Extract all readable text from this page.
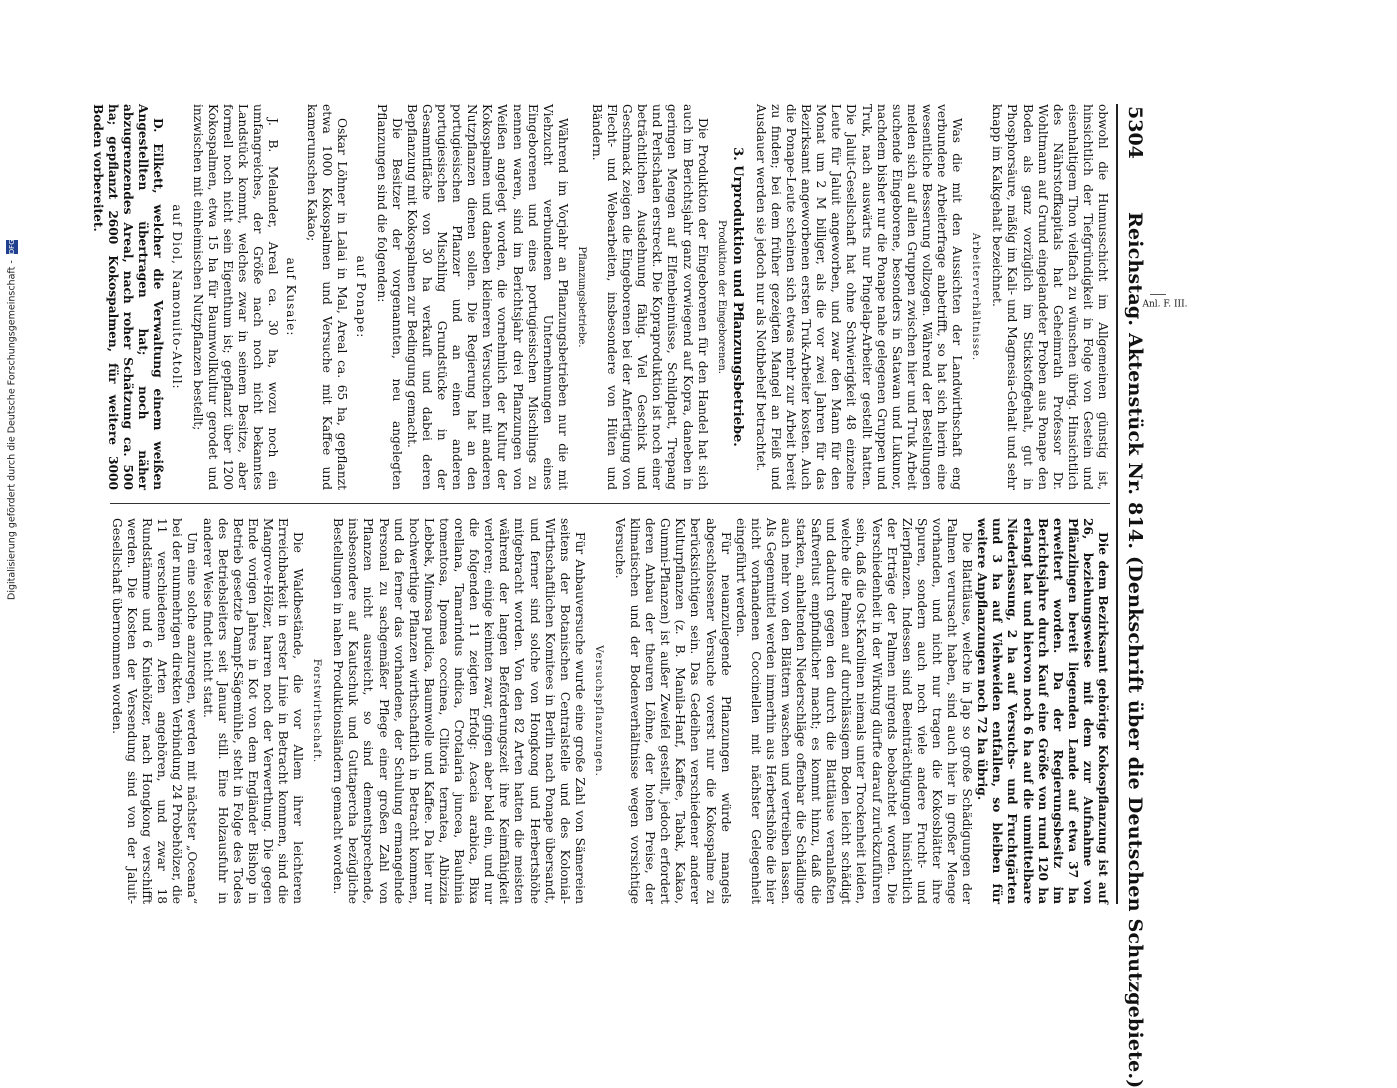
5304
Reichstag. Aktenstück Nr. 814. (Denkschrift über die Deutschen Schutzgebiete.)
Anl. F. III.

obwohl die Humusschicht im Allgemeinen günstig ist, hinsichtlich der Tiefgründigkeit in Folge von Gestein und eisenhaltigem Thon vielfach zu wünschen übrig. Hinsichtlich des Nährstoffkapitals hat Geheimrath Professor Dr. Wohltmann auf Grund eingelandeter Proben aus Ponape den Boden als ganz vorzüglich im Stickstoffgehalt, gut in Phosphorsäure, mäßig im Kali- und Magnesia-Gehalt und sehr knapp im Kalkgehalt bezeichnet.

Arbeiterverhältnisse.

Was die mit den Aussichten der Landwirthschaft eng verbundene Arbeiterfrage anbetrifft, so hat sich hierin eine wesentliche Besserung vollzogen. Während der Bestellungen melden sich auf allen Gruppen zwischen hier und Truk Arbeit suchende Eingeborene, besonders in Satawan und Lukunor, nachdem bisher nur die Ponape nahe gelegenen Gruppen und Truk, nach auswärts nur Pingelap-Arbeiter gestellt hatten. Die Jaluit-Gesellschaft hat ohne Schwierigkeit 48 einzelne Leute für Jaluit angeworben, und zwar den Mann für den Monat um 2 M billiger, als die vor zwei Jahren für das Bezirksamt angeworbenen ersten Truk-Arbeiter kosten. Auch die Ponape-Leute scheinen sich etwas mehr zur Arbeit bereit zu finden; bei dem früher gezeigten Mangel an Fleiß und Ausdauer werden sie jedoch nur als Nothbehelf betrachtet.

3. Urproduktion und Pflanzungsbetriebe.
Produktion der Eingeborenen.

Die Produktion der Eingeborenen für den Handel hat sich auch im Berichtsjahr ganz vorwiegend auf Kopra, daneben in geringen Mengen auf Elfenbeinnüsse, Schildpatt, Trepang und Perlschalen erstreckt. Die Kopraproduktion ist noch einer beträchtlichen Ausdehnung fähig. Viel Geschick und Geschmack zeigen die Eingeborenen bei der Anfertigung von Flecht- und Webearbeiten, insbesondere von Hüten und Bändern.

Pflanzungsbetriebe.

Während im Vorjahr an Pflanzungsbetrieben nur die mit Viehzucht verbundenen Unternehmungen eines Eingeborenen und eines portugiesischen Mischlings zu nennen waren, sind im Berichtsjahr drei Pflanzungen von Weißen angelegt worden, die vornehmlich der Kultur der Kokospalmen und daneben kleineren Versuchen mit anderen Nutzpflanzen dienen sollen. Die Regierung hat an den portugiesischen Pflanzer und an einen anderen portugiesischen Mischling Grundstücke in der Gesammtfläche von 30 ha verkauft und dabei deren Bepflanzung mit Kokospalmen zur Bedingung gemacht.

Die Besitzer der vorgenannten, neu angelegten Pflanzungen sind die folgenden:

auf Ponape:

Oskar Löhner in Lalai in Mal, Areal ca. 65 ha, gepflanzt etwa 1000 Kokospalmen und Versuche mit Kaffee und kamerunschen Kakao;

auf Kusaie:

J. B. Melander, Areal ca. 30 ha, wozu noch ein umfangreiches, der Größe nach noch nicht bekanntes Landstück kommt, welches zwar in seinem Besitze, aber formell noch nicht sein Eigenthum ist; gepflanzt über 1200 Kokospalmen, etwa 15 ha für Baumwollkultur gerodet und inzwischen mit einheimischen Nutzpflanzen bestellt;

auf Diol, Namonuito-Atoll:

D. Eilkett, welcher die Verwaltung einem weißen Angestellten übertragen hat; noch näher abzugrenzendes Areal, nach roher Schätzung ca. 500 ha; gepflanzt 2600 Kokospalmen, für weitere 3000 Boden vorbereitet.

Die dem Bezirksamt gehörige Kokospflanzung ist auf 26, beziehungsweise mit dem zur Aufnahme von Pflänzlingen bereit liegenden Lande auf etwa 37 ha erweitert worden. Da der Regierungsbesitz im Berichtsjahre durch Kauf eine Größe von rund 120 ha erlangt hat und hiervon noch 6 ha auf die unmittelbare Niederlassung, 2 ha auf Versuchs- und Fruchtgärten und 3 ha auf Viehweiden entfallen, so bleiben für weitere Anpflanzungen noch 72 ha übrig.

Die Blattläuse, welche in Jap so große Schädigungen der Palmen verursacht haben, sind auch hier in großer Menge vorhanden, und nicht nur tragen die Kokosblätter ihre Spuren, sondern auch noch viele andere Frucht- und Zierpflanzen. Indessen sind Beeinträchtigungen hinsichtlich der Erträge der Palmen nirgends beobachtet worden. Die Verschiedenheit in der Wirkung dürfte darauf zurückzuführen sein, daß die Ost-Karolinen niemals unter Trockenheit leiden, welche die Palmen auf durchlässigem Boden leicht schädigt und dadurch gegen den durch die Blattläuse veranlaßten Saftverlust empfindlicher macht; es kommt hinzu, daß die starken, anhaltenden Niederschläge offenbar die Schädlinge auch mehr von den Blättern waschen und vertreiben lassen. Als Gegenmittel werden immerhin aus Herbertshöhe die hier nicht vorhandenen Coccinellen mit nächster Gelegenheit eingeführt werden.

Für neuanzulegende Pflanzungen würde mangels abgeschlossener Versuche vorerst nur die Kokospalme zu berücksichtigen sein. Das Gedeihen verschiedener anderer Kulturpflanzen (z. B. Manila-Hanf, Kaffee, Tabak, Kakao, Gummi-Pflanzen) ist außer Zweifel gestellt, jedoch erfordert deren Anbau der theuren Löhne, der hohen Preise, der klimatischen und der Bodenverhältnisse wegen vorsichtige Versuche.

Versuchspflanzungen.

Für Anbauversuche wurde eine große Zahl von Sämereien seitens der Botanischen Centralstelle und des Kolonial-Wirthschaftlichen Komitees in Berlin nach Ponape übersandt, und ferner sind solche von Hongkong und Herbertshöhe mitgebracht worden. Von den 82 Arten hatten die meisten während der langen Beförderungszeit ihre Keimfähigkeit verloren; einige keimten zwar, gingen aber bald ein, und nur die folgenden 11 zeigten Erfolg: Acacia arabica, Bixa orellana, Tamarindus indica, Crotalaria juncea, Bauhinia tomentosa, Ipomea coccinea, Clitoria ternatea, Albizzia Lebbek, Mimosa pudica, Baumwolle und Kaffee. Da hier nur hochwerthige Pflanzen wirthschaftlich in Betracht kommen, und da ferner das vorhandene, der Schulung ermangelnde Personal zu sachgemäßer Pflege einer großen Zahl von Pflanzen nicht ausreicht, so sind dementsprechende, insbesondere auf Kautschuk und Guttapercha bezügliche Bestellungen in nahen Produktionsländern gemacht worden.

Forstwirthschaft.

Die Waldbestände, die vor Allem ihrer leichteren Erreichbarkeit in erster Linie in Betracht kommen, sind die Mangrove-Hölzer, harren noch der Verwerthung. Die gegen Ende vorigen Jahres in Kot von dem Engländer Bishop in Betrieb gesetzte Dampf-Sägemühle, steht in Folge des Todes des Betriebsleiters seit Januar still. Eine Holzausfuhr in anderer Weise findet nicht statt.

Um eine solche anzuregen, werden mit nächster „Oceana“ bei der nunmehrigen direkten Verbindung 24 Probehölzer, die 11 verschiedenen Arten angehören, und zwar 18 Rundstämme und 6 Kniehölzer, nach Hongkong verschifft werden. Die Kosten der Versendung sind von der Jaluit-Gesellschaft übernommen worden.

Digitalisierung gefördert durch die Deutsche Forschungsgemeinschaft - DFG
